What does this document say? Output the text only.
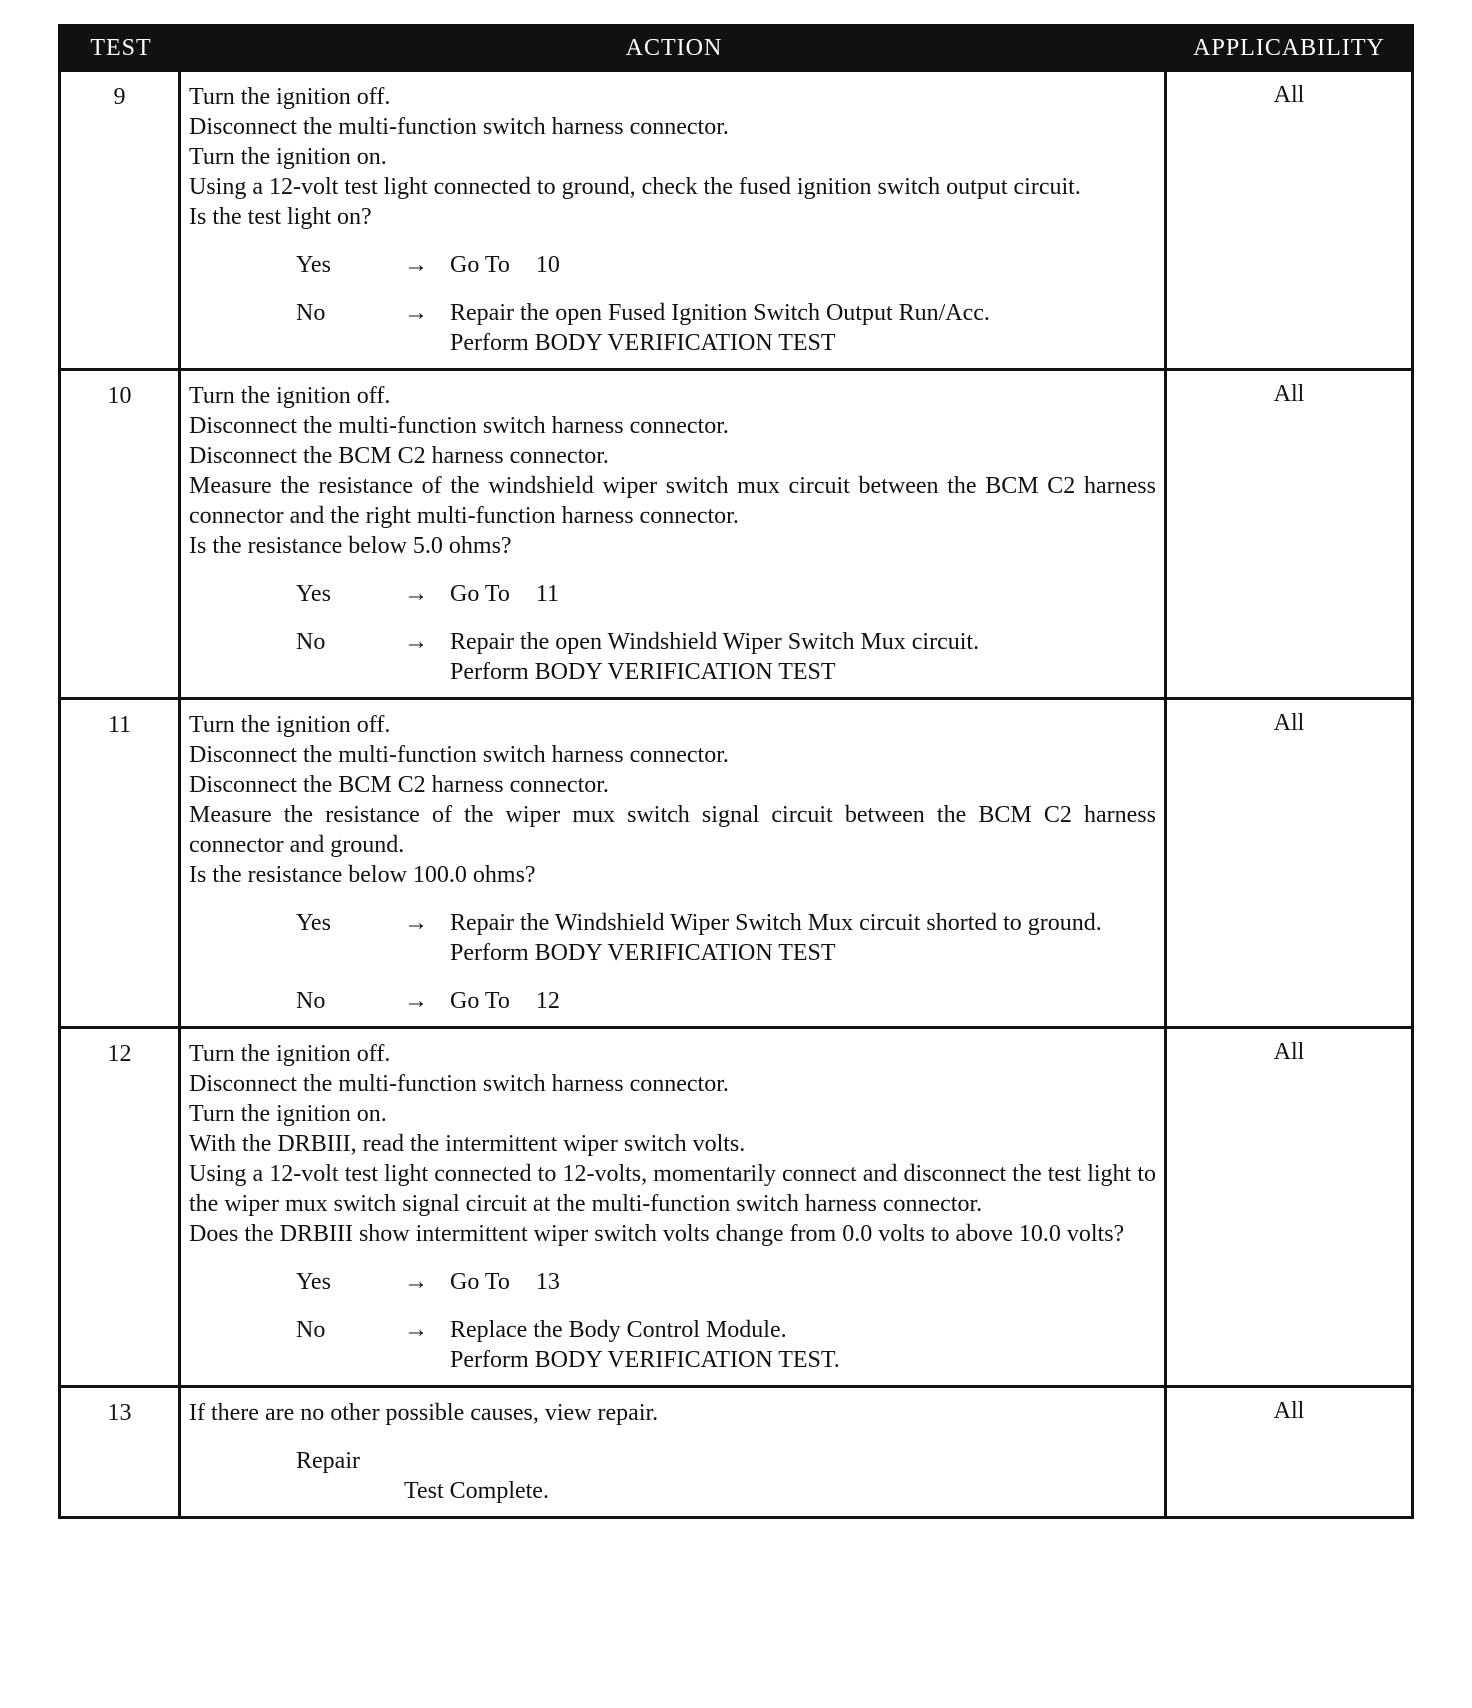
TEST	ACTION	APPLICABILITY
9	Turn the ignition off.
Disconnect the multi-function switch harness connector.
Turn the ignition on.
Using a 12-volt test light connected to ground, check the fused ignition switch output circuit.
Is the test light on?
Yes	→ Go To 10
No	→ Repair the open Fused Ignition Switch Output Run/Acc.
Perform BODY VERIFICATION TEST
All
10	Turn the ignition off.
Disconnect the multi-function switch harness connector.
Disconnect the BCM C2 harness connector.
Measure the resistance of the windshield wiper switch mux circuit between the BCM C2 harness connector and the right multi-function harness connector.
Is the resistance below 5.0 ohms?
Yes	→ Go To 11
No	→ Repair the open Windshield Wiper Switch Mux circuit.
Perform BODY VERIFICATION TEST
All
11	Turn the ignition off.
Disconnect the multi-function switch harness connector.
Disconnect the BCM C2 harness connector.
Measure the resistance of the wiper mux switch signal circuit between the BCM C2 harness connector and ground.
Is the resistance below 100.0 ohms?
Yes	→ Repair the Windshield Wiper Switch Mux circuit shorted to ground.
Perform BODY VERIFICATION TEST
No	→ Go To 12
All
12	Turn the ignition off.
Disconnect the multi-function switch harness connector.
Turn the ignition on.
With the DRBIII, read the intermittent wiper switch volts.
Using a 12-volt test light connected to 12-volts, momentarily connect and disconnect the test light to the wiper mux switch signal circuit at the multi-function switch harness connector.
Does the DRBIII show intermittent wiper switch volts change from 0.0 volts to above 10.0 volts?
Yes	→ Go To 13
No	→ Replace the Body Control Module.
Perform BODY VERIFICATION TEST.
All
13	If there are no other possible causes, view repair.
Repair
Test Complete.
All
